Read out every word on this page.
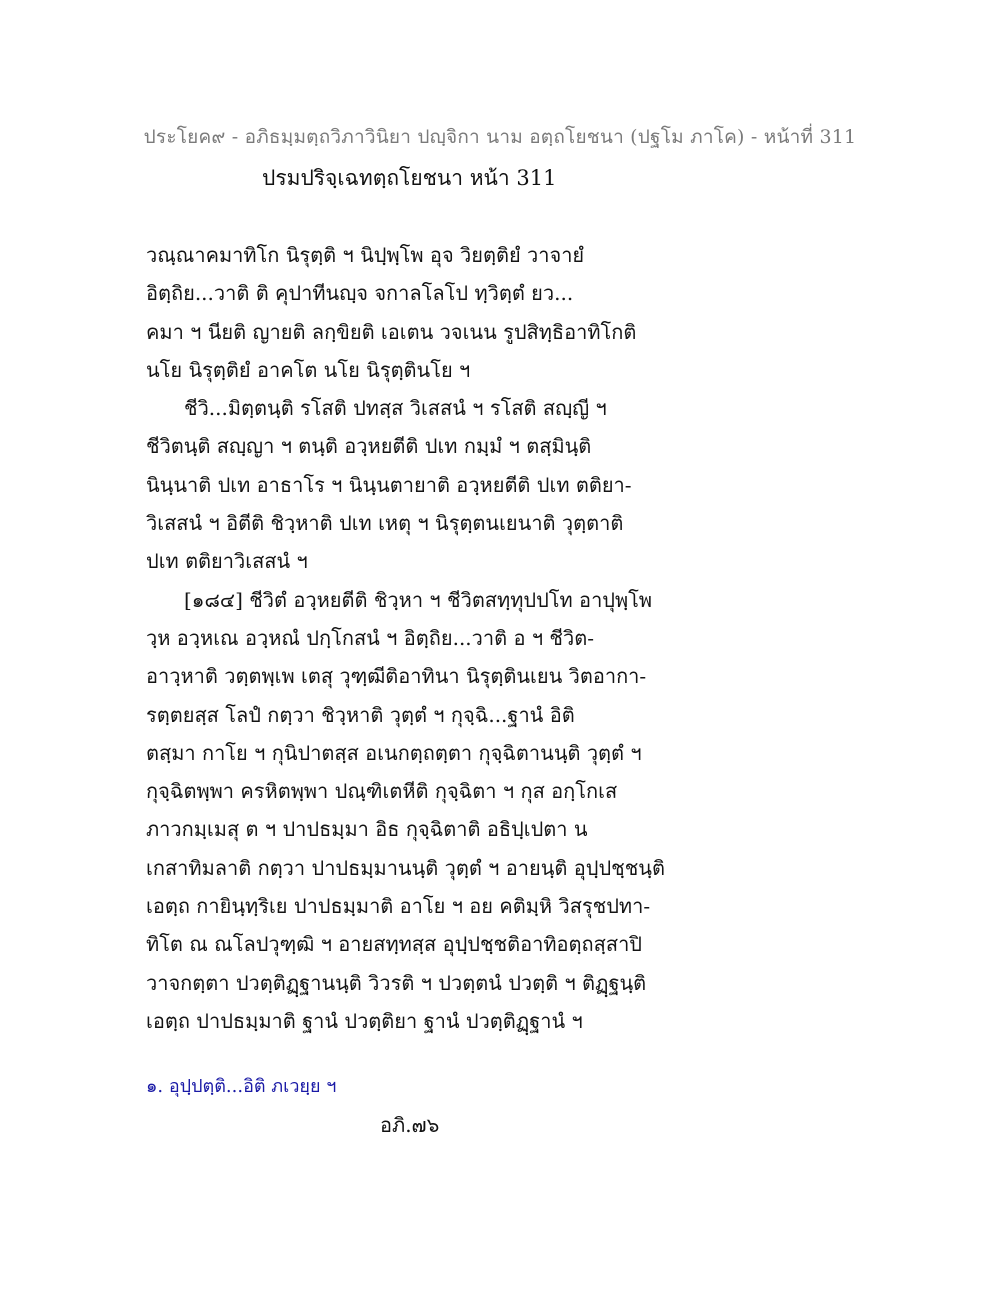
ประโยค๙ - อภิธมฺมตฺถวิภาวินิยา ปญฺจิกา นาม อตฺถโยชนา (ปฐโม ภาโค) - หน้าที่ 311
ปรมปริจฺเฉทตฺถโยชนา หน้า 311
วณฺณาคมาทิโก นิรุตฺติ ฯ นิปฺพฺโพ อุจ วิยตฺติยํ วาจายํ
อิตฺถิย...วาติ ติ คุปาทีนญฺจ จกาลโลโป ทฺวิตฺตํ ยว...
คมา ฯ นียติ ญายติ ลกฺขิยติ เอเตน วจเนน รูปสิทฺธิอาทิโกติ
นโย นิรุตฺติยํ อาคโต นโย นิรุตฺตินโย ฯ
ชีวิ...มิตฺตนฺติ รโสติ ปทสฺส วิเสสนํ ฯ รโสติ สญฺญี ฯ
ชีวิตนฺติ สญฺญา ฯ ตนฺติ อวฺหยตีติ ปเท กมฺมํ ฯ ตสฺมินฺติ
นินฺนาติ ปเท อาธาโร ฯ นินฺนตายาติ อวฺหยตีติ ปเท ตติยา-
วิเสสนํ ฯ อิตีติ ชิวฺหาติ ปเท เหตุ ฯ นิรุตฺตนเยนาติ วุตฺตาติ
ปเท ตติยาวิเสสนํ ฯ
[๑๘๔] ชีวิตํ อวฺหยตีติ ชิวฺหา ฯ ชีวิตสทฺทุปปโท อาปุพฺโพ
วฺห อวฺหเณ อวฺหณํ ปกฺโกสนํ ฯ อิตฺถิย...วาติ อ ฯ ชีวิต-
อาวฺหาติ วตฺตพฺเพ เตสุ วุฑฺฒีติอาทินา นิรุตฺตินเยน วิตอากา-
รตฺตยสฺส โลปํ กตฺวา ชิวฺหาติ วุตฺตํ ฯ กุจฺฉิ...ฐานํ อิติ
ตสฺมา กาโย ฯ กุนิปาตสฺส อเนกตฺถตฺตา กุจฺฉิตานนฺติ วุตฺตํ ฯ
กุจฺฉิตพฺพา ครหิตพฺพา ปณฺฑิเตหีติ กุจฺฉิตา ฯ กุส อกฺโกเส
ภาวกมฺเมสุ ต ฯ ปาปธมฺมา อิธ กุจฺฉิตาติ อธิปฺเปตา น
เกสาทิมลาติ กตฺวา ปาปธมฺมานนฺติ วุตฺตํ ฯ อายนฺติ อุปฺปชฺชนฺติ
เอตฺถ กายินฺทฺริเย ปาปธมฺมาติ อาโย ฯ อย คติมฺหิ วิสรุชปทา-
ทิโต ณ ณโลปวุฑฺฒิ ฯ อายสทฺทสฺส อุปฺปชฺชติอาทิอตฺถสฺสาปิ
วาจกตฺตา ปวตฺติฏฺฐานนฺติ วิวรติ ฯ ปวตฺตนํ ปวตฺติ ฯ ติฏฺฐนฺติ
เอตฺถ ปาปธมฺมาติ ฐานํ ปวตฺติยา ฐานํ ปวตฺติฏฺฐานํ ฯ
๑. อุปฺปตฺติ...อิติ ภเวยฺย ฯ
อภิ.๗๖
